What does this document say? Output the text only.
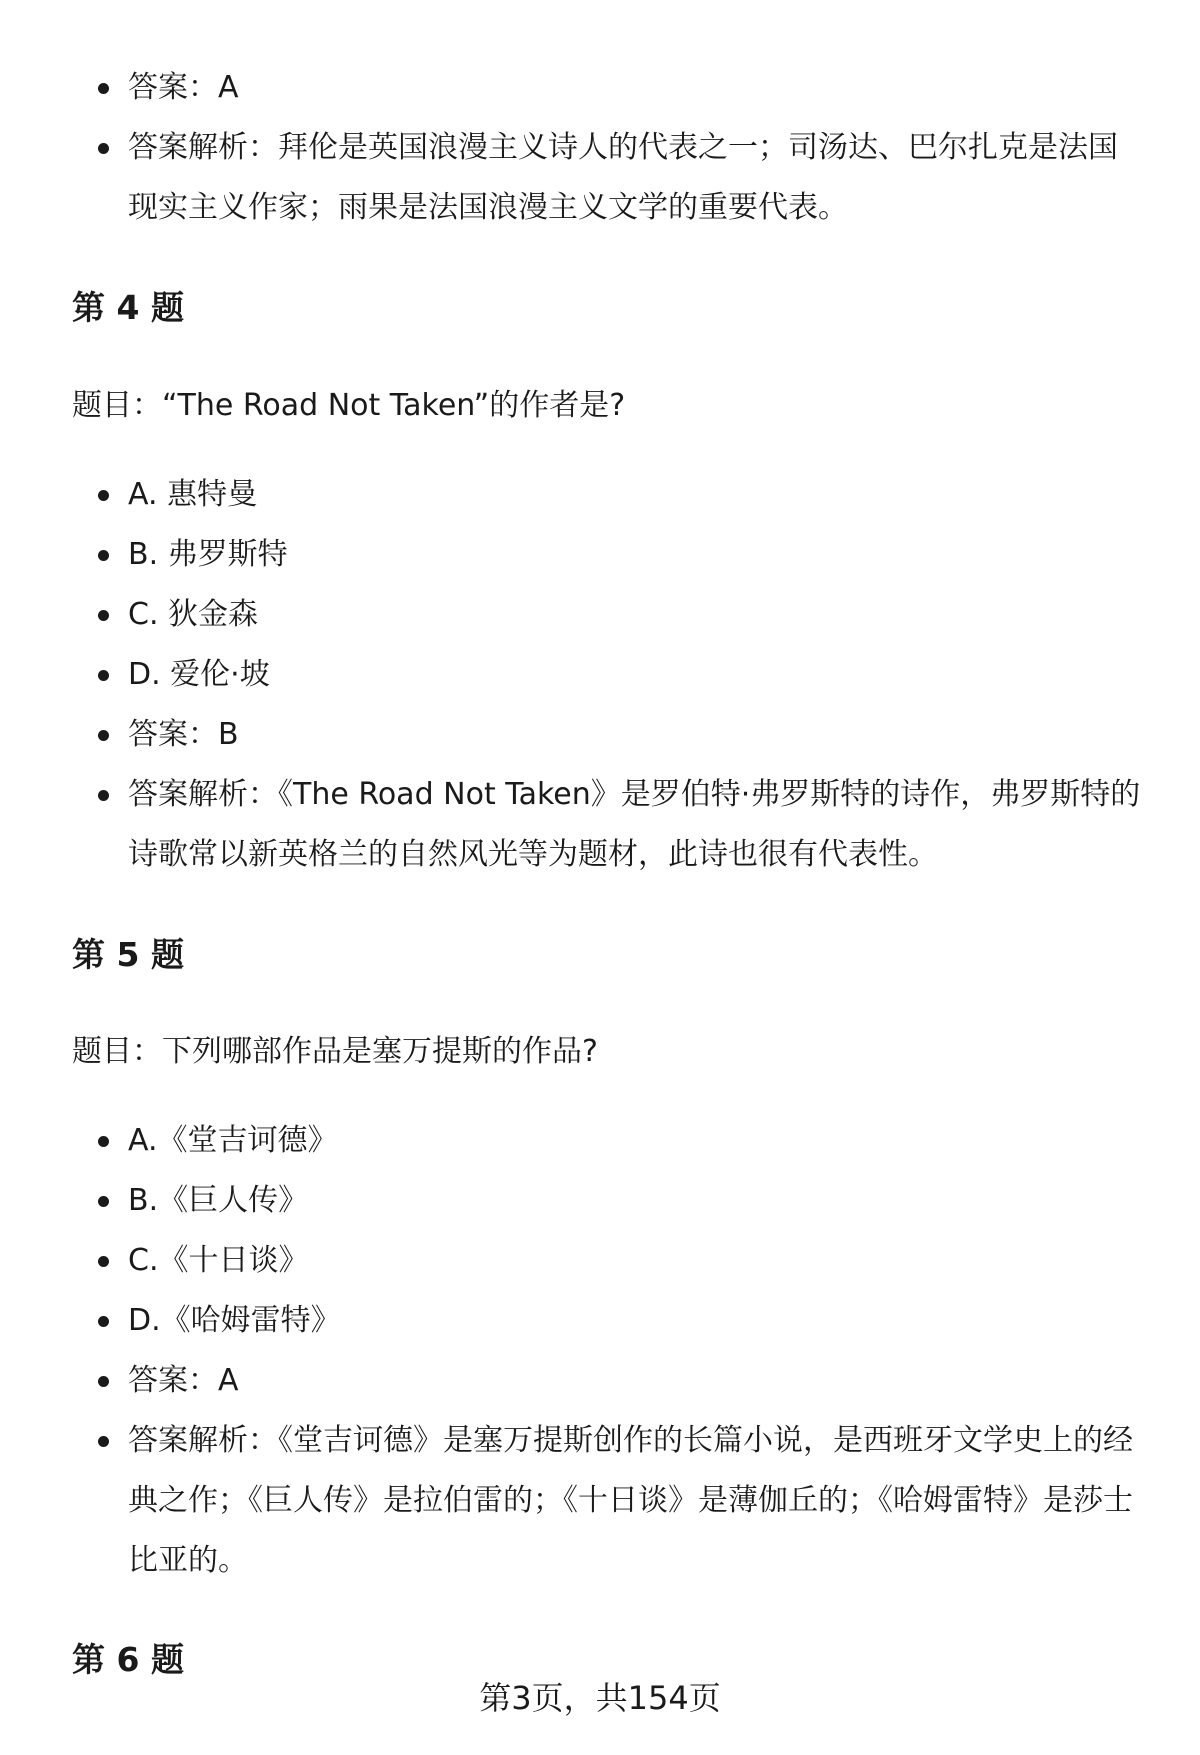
答案：A
答案解析：拜伦是英国浪漫主义诗人的代表之一；司汤达、巴尔扎克是法国现实主义作家；雨果是法国浪漫主义文学的重要代表。
第 4 题
题目：“The Road Not Taken”的作者是?
A. 惠特曼
B. 弗罗斯特
C. 狄金森
D. 爱伦·坡
答案：B
答案解析：《The Road Not Taken》是罗伯特·弗罗斯特的诗作，弗罗斯特的诗歌常以新英格兰的自然风光等为题材，此诗也很有代表性。
第 5 题
题目：下列哪部作品是塞万提斯的作品?
A.《堂吉诃德》
B.《巨人传》
C.《十日谈》
D.《哈姆雷特》
答案：A
答案解析：《堂吉诃德》是塞万提斯创作的长篇小说，是西班牙文学史上的经典之作；《巨人传》是拉伯雷的；《十日谈》是薄伽丘的；《哈姆雷特》是莎士比亚的。
第 6 题
第3页，共154页
